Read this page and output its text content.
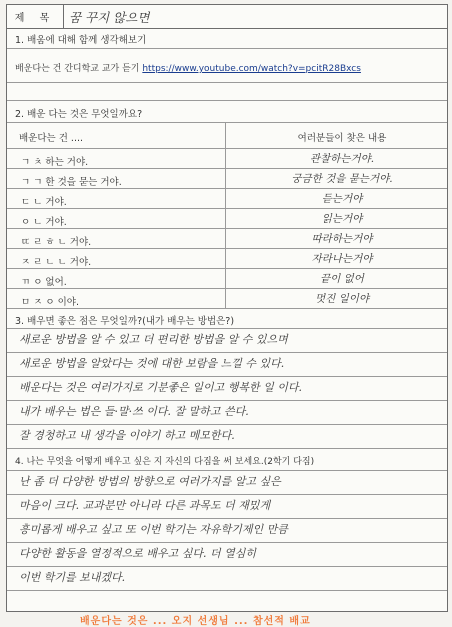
제 목	꿈 꾸지 않으면
1. 배움에 대해 함께 생각해보기
배운다는 건 간디학교 교가 듣기 https://www.youtube.com/watch?v=pcitR28Bxcs
2. 배운 다는 것은 무엇일까요?
배운다는 건 ....	여러분들이 찾은 내용
ㄱ ㅊ 하는 거야.	관찰하는거야.
ㄱ ㄱ 한 것을 묻는 거야.	궁금한 것을 묻는거야.
ㄷ ㄴ 거야.	듣는거야
ㅇ ㄴ 거야.	읽는거야
ㄸ ㄹ ㅎ ㄴ 거야.	따라하는거야
ㅈ ㄹ ㄴ ㄴ 거야.	자라나는거야
ㄲ ㅇ 없어.	끝이 없어
ㅁ ㅈ ㅇ 이야.	멋진 일이야
3. 배우면 좋은 점은 무엇일까?(내가 배우는 방법은?)
새로운 방법을 알 수 있고 더 편리한 방법을 알 수 있으며
새로운 방법을 알았다는 것에 대한 보람을 느낄 수 있다.
배운다는 것은 여러가지로 기분좋은 일이고 행복한 일 이다.
내가 배우는 법은 들·말·쓰 이다. 잘 말하고 쓴다.
잘 경청하고 내 생각을 이야기 하고 메모한다.
4. 나는 무엇을 어떻게 배우고 싶은 지 자신의 다짐을 써 보세요.(2학기 다짐)
난 좀 더 다양한 방법의 방향으로 여러가지를 알고 싶은
마음이 크다. 교과분만 아니라 다른 과목도 더 재밌게
흥미롭게 배우고 싶고 또 이번 학기는 자유학기제인 만큼
다양한 활동을 열정적으로 배우고 싶다. 더 열심히
이번 학기를 보내겠다.
배운다는 것은 ... 오지 선생님 ... 참선적 배교
